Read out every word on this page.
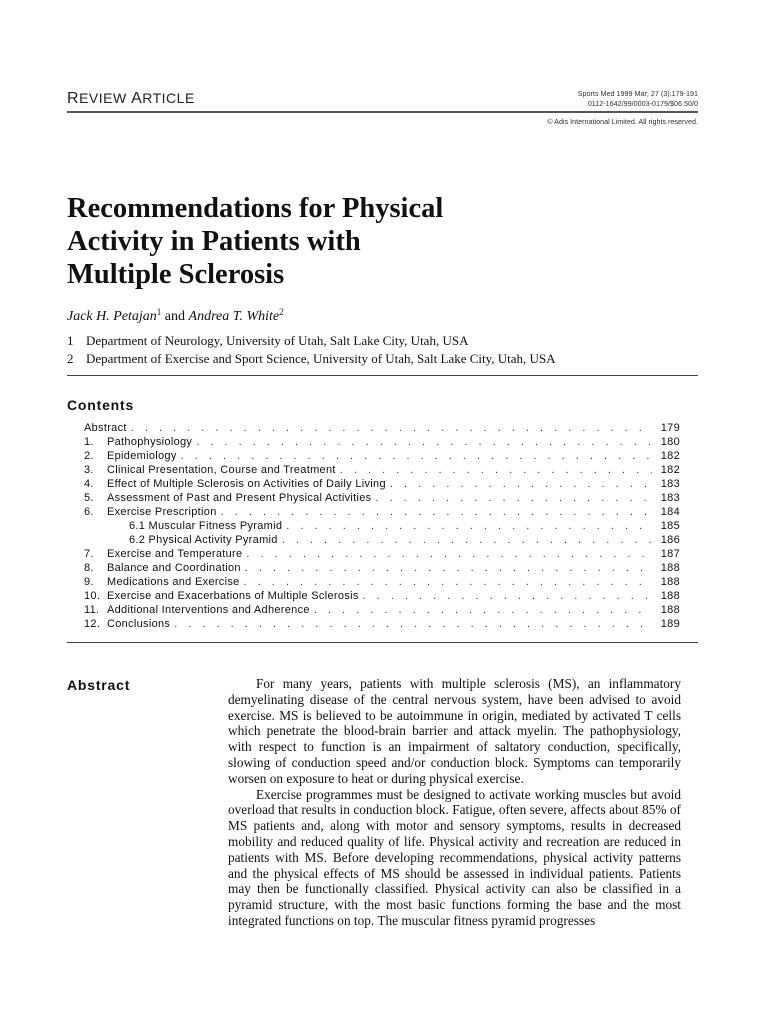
REVIEW ARTICLE	Sports Med 1999 Mar; 27 (3):179-191
0112-1642/99/0003-0179/$06.50/0
© Adis International Limited. All rights reserved.
Recommendations for Physical
Activity in Patients with
Multiple Sclerosis
Jack H. Petajan$^1$ and Andrea T. White$^2$
1 Department of Neurology, University of Utah, Salt Lake City, Utah, USA
2 Department of Exercise and Sport Science, University of Utah, Salt Lake City, Utah, USA
Contents
Abstract . . .	179
1.	Pathophysiology . . .	180
2.	Epidemiology . . .	182
3.	Clinical Presentation, Course and Treatment . . .	182
4.	Effect of Multiple Sclerosis on Activities of Daily Living . . .	183
5.	Assessment of Past and Present Physical Activities . . .	183
6.	Exercise Prescription . . .	184
6.1 Muscular Fitness Pyramid . . .	185
6.2 Physical Activity Pyramid . . .	186
7.	Exercise and Temperature . . .	187
8.	Balance and Coordination . . .	188
9.	Medications and Exercise . . .	188
10. Exercise and Exacerbations of Multiple Sclerosis . . .	188
11. Additional Interventions and Adherence . . .	188
12. Conclusions . . .	189
Abstract	For many years, patients with multiple sclerosis (MS), an inflammatory demyelinating disease of the central nervous system, have been advised to avoid exercise. MS is believed to be autoimmune in origin, mediated by activated T cells which penetrate the blood-brain barrier and attack myelin. The pathophysiology, with respect to function is an impairment of saltatory conduction, specifically, slowing of conduction speed and/or conduction block. Symptoms can temporarily worsen on exposure to heat or during physical exercise.

Exercise programmes must be designed to activate working muscles but avoid overload that results in conduction block. Fatigue, often severe, affects about 85% of MS patients and, along with motor and sensory symptoms, results in decreased mobility and reduced quality of life. Physical activity and recreation are reduced in patients with MS. Before developing recommendations, physical activity patterns and the physical effects of MS should be assessed in individual patients. Patients may then be functionally classified. Physical activity can also be classified in a pyramid structure, with the most basic functions forming the base and the most integrated functions on top. The muscular fitness pyramid progresses
